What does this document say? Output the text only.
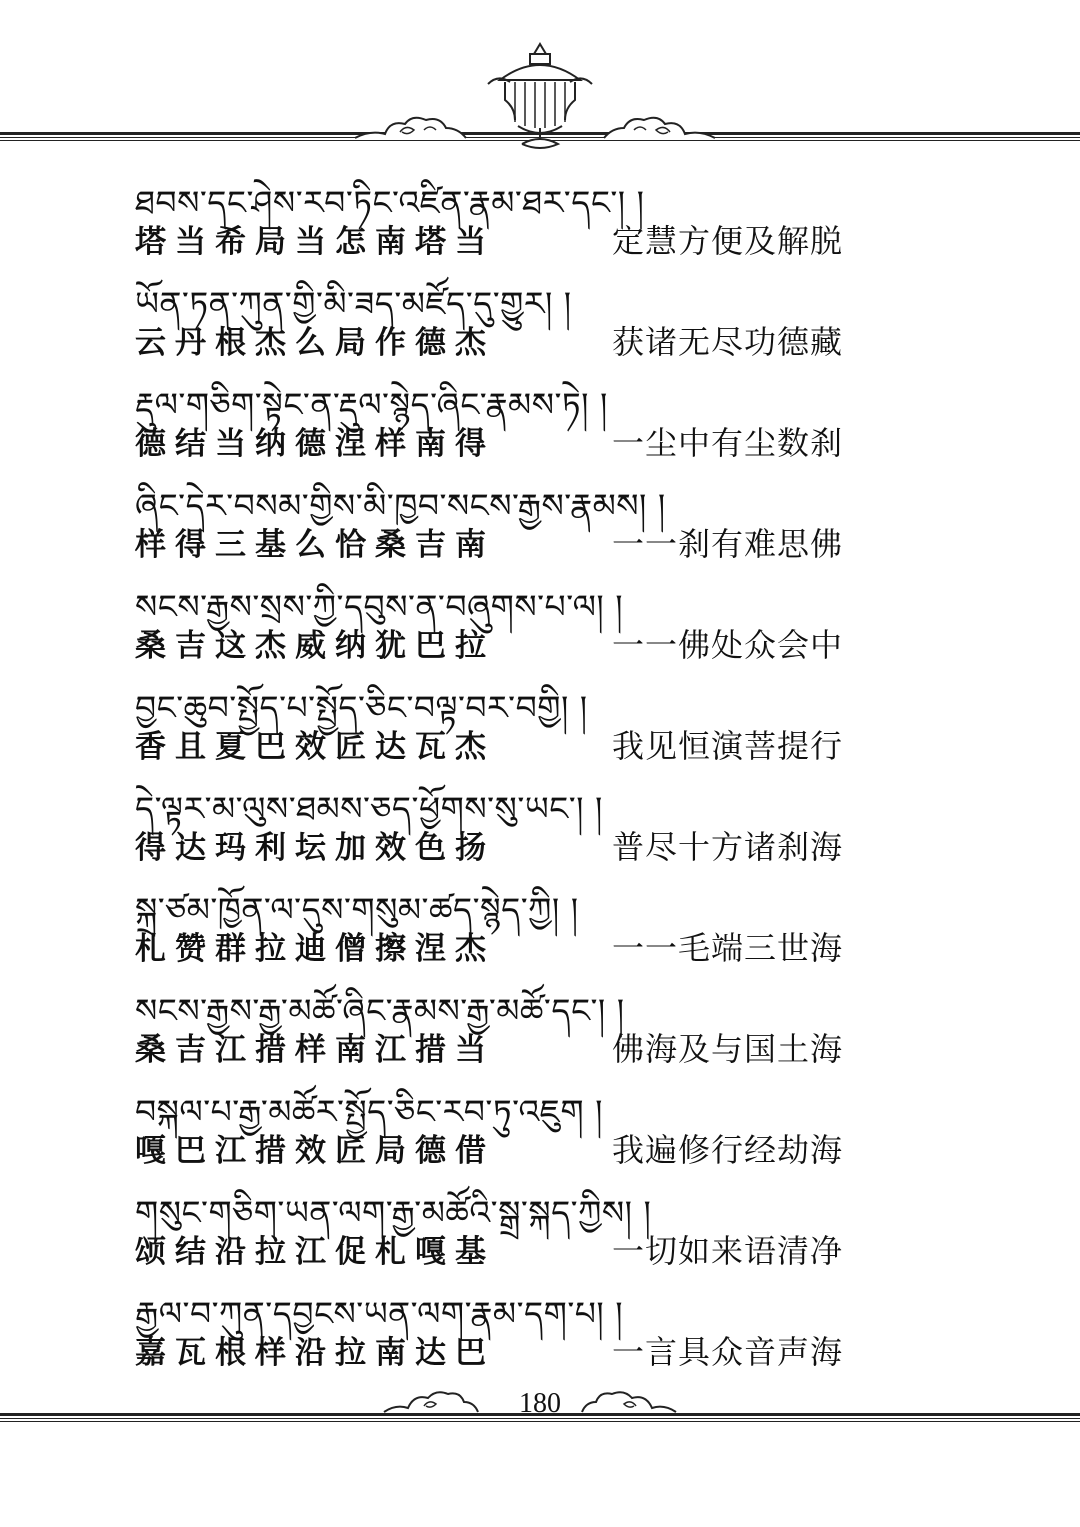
ཐབས་དང་ཤེས་རབ་ཏིང་འཛིན་རྣམ་ཐར་དང་། །
塔当希局当怎南塔当	定慧方便及解脱
ཡོན་ཏན་ཀུན་གྱི་མི་ཟད་མཛོད་དུ་གྱུར། །
云丹根杰么局作德杰	获诸无尽功德藏
རྡུལ་གཅིག་སྟེང་ན་རྡུལ་སྙེད་ཞིང་རྣམས་ཏེ། །
德结当纳德涅样南得	一尘中有尘数刹
ཞིང་དེར་བསམ་གྱིས་མི་ཁྱབ་སངས་རྒྱས་རྣམས། །
样得三基么恰桑吉南	一一刹有难思佛
སངས་རྒྱས་སྲས་ཀྱི་དབུས་ན་བཞུགས་པ་ལ། །
桑吉这杰威纳犹巴拉	一一佛处众会中
བྱང་ཆུབ་སྤྱོད་པ་སྤྱོད་ཅིང་བལྟ་བར་བགྱི། །
香且夏巴效匠达瓦杰	我见恒演菩提行
དེ་ལྟར་མ་ལུས་ཐམས་ཅད་ཕྱོགས་སུ་ཡང་། །
得达玛利坛加效色扬	普尽十方诸刹海
སྐྲ་ཙམ་ཁྱོན་ལ་དུས་གསུམ་ཚད་སྙེད་ཀྱི། །
札赞群拉迪僧擦涅杰	一一毛端三世海
སངས་རྒྱས་རྒྱ་མཚོ་ཞིང་རྣམས་རྒྱ་མཚོ་དང་། །
桑吉江措样南江措当	佛海及与国土海
བསྐལ་པ་རྒྱ་མཚོར་སྤྱོད་ཅིང་རབ་ཏུ་འཇུག །
嘎巴江措效匠局德借	我遍修行经劫海
གསུང་གཅིག་ཡན་ལག་རྒྱ་མཚོའི་སྒྲ་སྐད་ཀྱིས། །
颂结沿拉江促札嘎基	一切如来语清净
རྒྱལ་བ་ཀུན་དབྱངས་ཡན་ལག་རྣམ་དག་པ། །
嘉瓦根样沿拉南达巴	一言具众音声海
180
